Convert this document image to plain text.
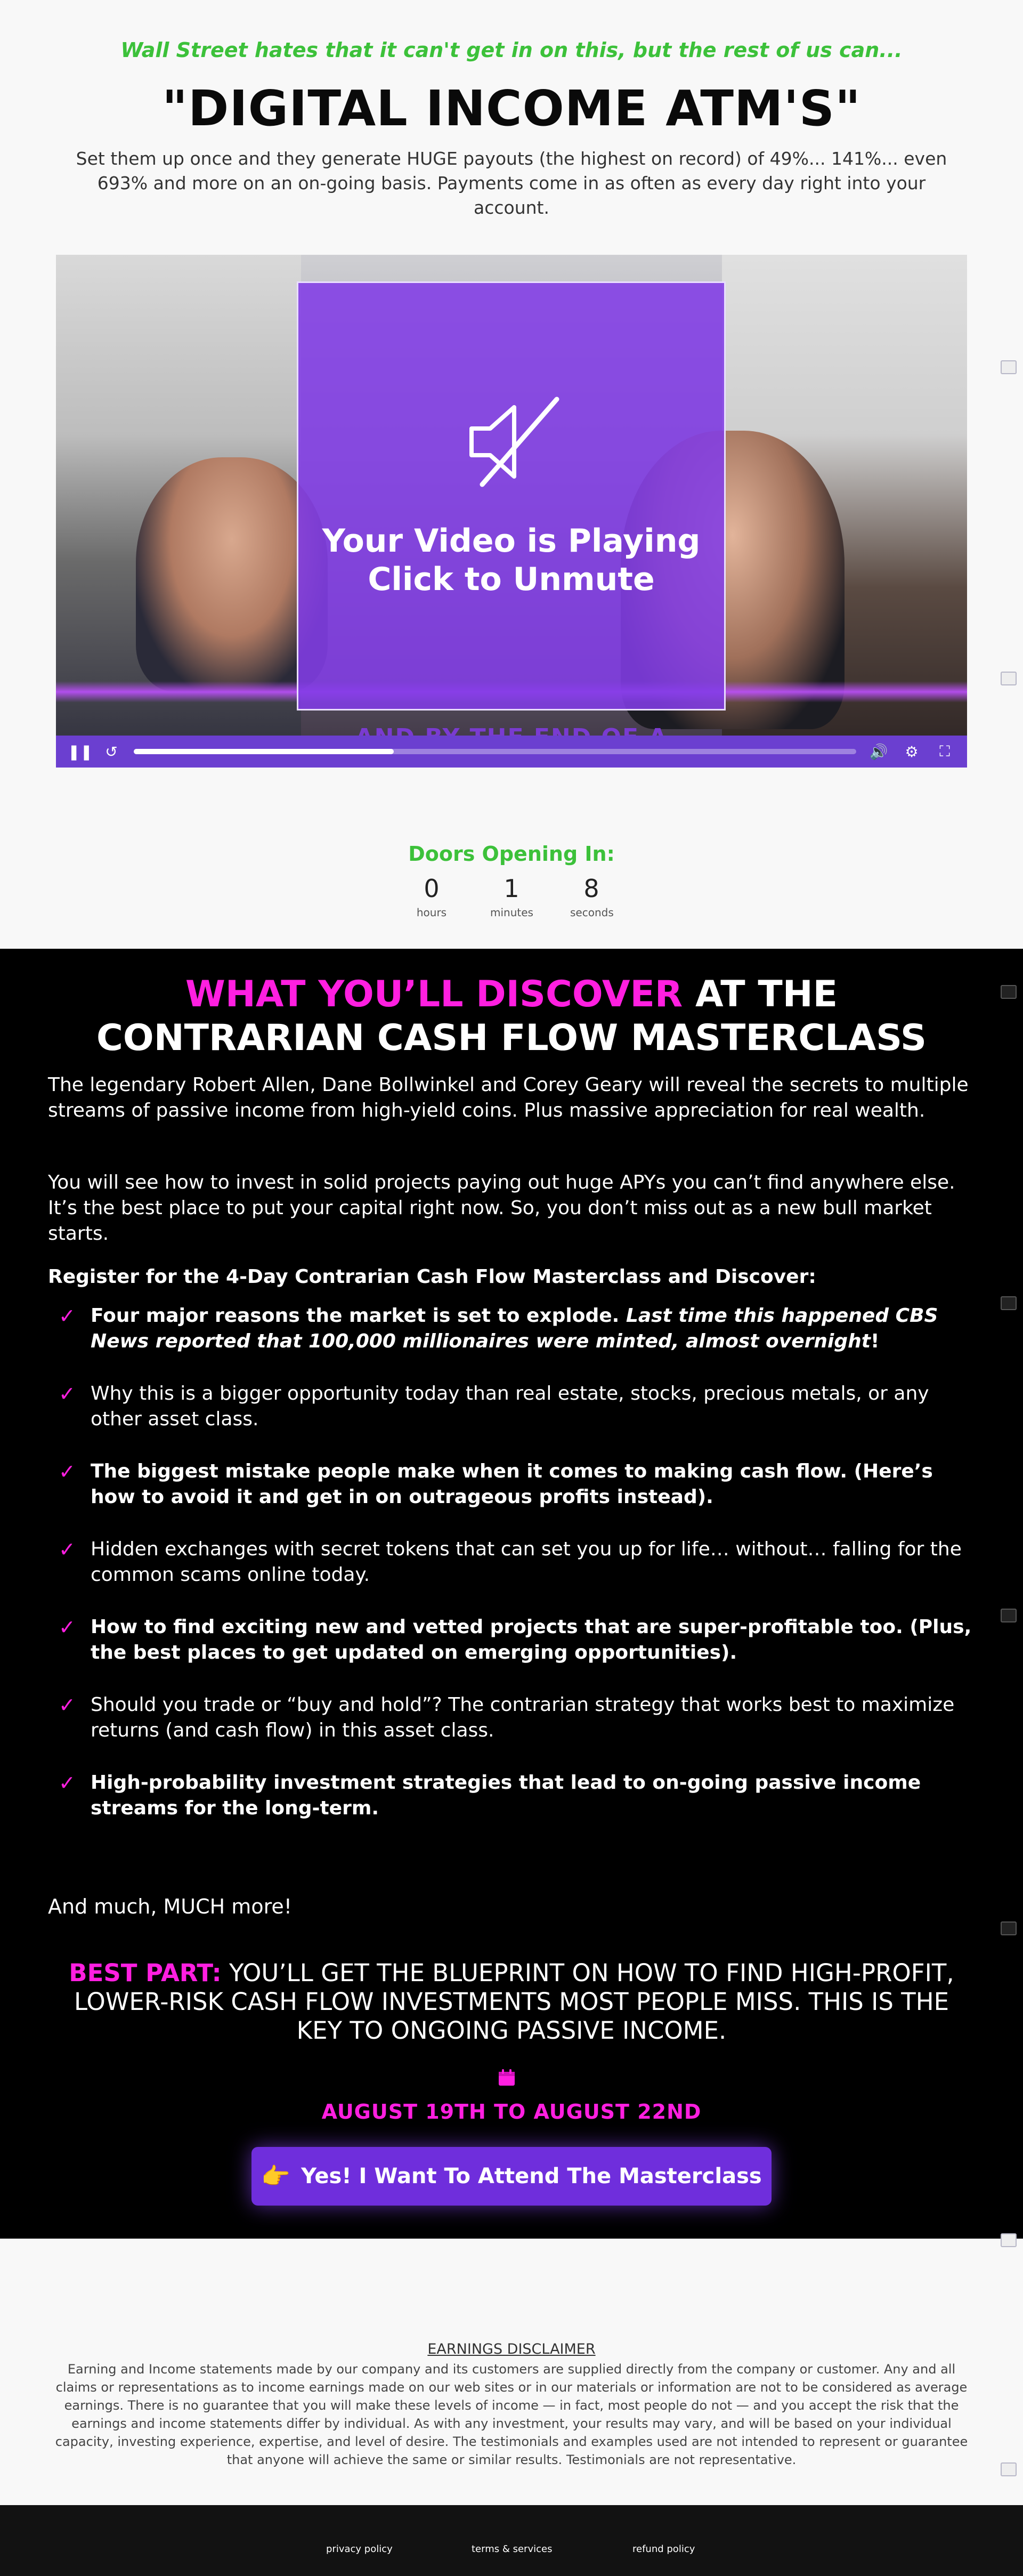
Wall Street hates that it can't get in on this, but the rest of us can...
"DIGITAL INCOME ATM'S"

Set them up once and they generate HUGE payouts (the highest on record) of 49%... 141%... even 693% and more on an on-going basis. Payments come in as often as every day right into your account.

Your Video is Playing
Click to Unmute
❚❚ ↺	🔊 ⚙	⛶
Doors Opening In:
0
hours
1
minutes
8
seconds
WHAT YOU’LL DISCOVER AT THE
CONTRARIAN CASH FLOW MASTERCLASS

The legendary Robert Allen, Dane Bollwinkel and Corey Geary will reveal the secrets to multiple streams of passive income from high-yield coins. Plus massive appreciation for real wealth.

You will see how to invest in solid projects paying out huge APYs you can’t find anywhere else. It’s the best place to put your capital right now. So, you don’t miss out as a new bull market starts.

Register for the 4-Day Contrarian Cash Flow Masterclass and Discover:

✓ Four major reasons the market is set to explode. Last time this happened CBS News reported that 100,000 millionaires were minted, almost overnight!
✓ Why this is a bigger opportunity today than real estate, stocks, precious metals, or any other asset class.
✓ The biggest mistake people make when it comes to making cash flow. (Here’s how to avoid it and get in on outrageous profits instead).
✓ Hidden exchanges with secret tokens that can set you up for life… without… falling for the common scams online today.
✓ How to find exciting new and vetted projects that are super-profitable too. (Plus, the best places to get updated on emerging opportunities).
✓ Should you trade or “buy and hold”? The contrarian strategy that works best to maximize returns (and cash flow) in this asset class.
✓ High-probability investment strategies that lead to on-going passive income streams for the long-term.

And much, MUCH more!

BEST PART: YOU’LL GET THE BLUEPRINT ON HOW TO FIND HIGH-PROFIT, LOWER-RISK CASH FLOW INVESTMENTS MOST PEOPLE MISS. THIS IS THE KEY TO ONGOING PASSIVE INCOME.

AUGUST 19TH TO AUGUST 22ND
👉 Yes! I Want To Attend The Masterclass
EARNINGS DISCLAIMER

Earning and Income statements made by our company and its customers are supplied directly from the company or customer. Any and all claims or representations as to income earnings made on our web sites or in our materials or information are not to be considered as average earnings. There is no guarantee that you will make these levels of income — in fact, most people do not — and you accept the risk that the earnings and income statements differ by individual. As with any investment, your results may vary, and will be based on your individual capacity, investing experience, expertise, and level of desire. The testimonials and examples used are not intended to represent or guarantee that anyone will achieve the same or similar results. Testimonials are not representative.

privacy policy	terms & services	refund policy
